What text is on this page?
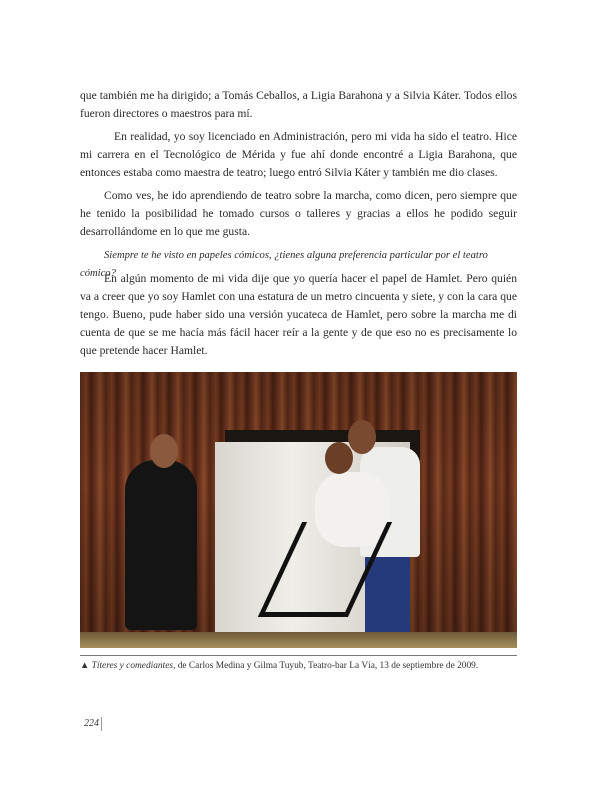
que también me ha dirigido; a Tomás Ceballos, a Ligia Barahona y a Silvia Káter. Todos ellos fueron directores o maestros para mí.
En realidad, yo soy licenciado en Administración, pero mi vida ha sido el teatro. Hice mi carrera en el Tecnológico de Mérida y fue ahí donde encontré a Ligia Barahona, que entonces estaba como maestra de teatro; luego entró Silvia Káter y también me dio clases.
Como ves, he ido aprendiendo de teatro sobre la marcha, como dicen, pero siempre que he tenido la posibilidad he tomado cursos o talleres y gracias a ellos he podido seguir desarrollándome en lo que me gusta.
Siempre te he visto en papeles cómicos, ¿tienes alguna preferencia particular por el teatro cómico?
En algún momento de mi vida dije que yo quería hacer el papel de Hamlet. Pero quién va a creer que yo soy Hamlet con una estatura de un metro cincuenta y siete, y con la cara que tengo. Bueno, pude haber sido una versión yucateca de Hamlet, pero sobre la marcha me di cuenta de que se me hacía más fácil hacer reír a la gente y de que eso no es precisamente lo que pretende hacer Hamlet.
▲ Títeres y comediantes, de Carlos Medina y Gilma Tuyub, Teatro-bar La Vía, 13 de septiembre de 2009.
224
